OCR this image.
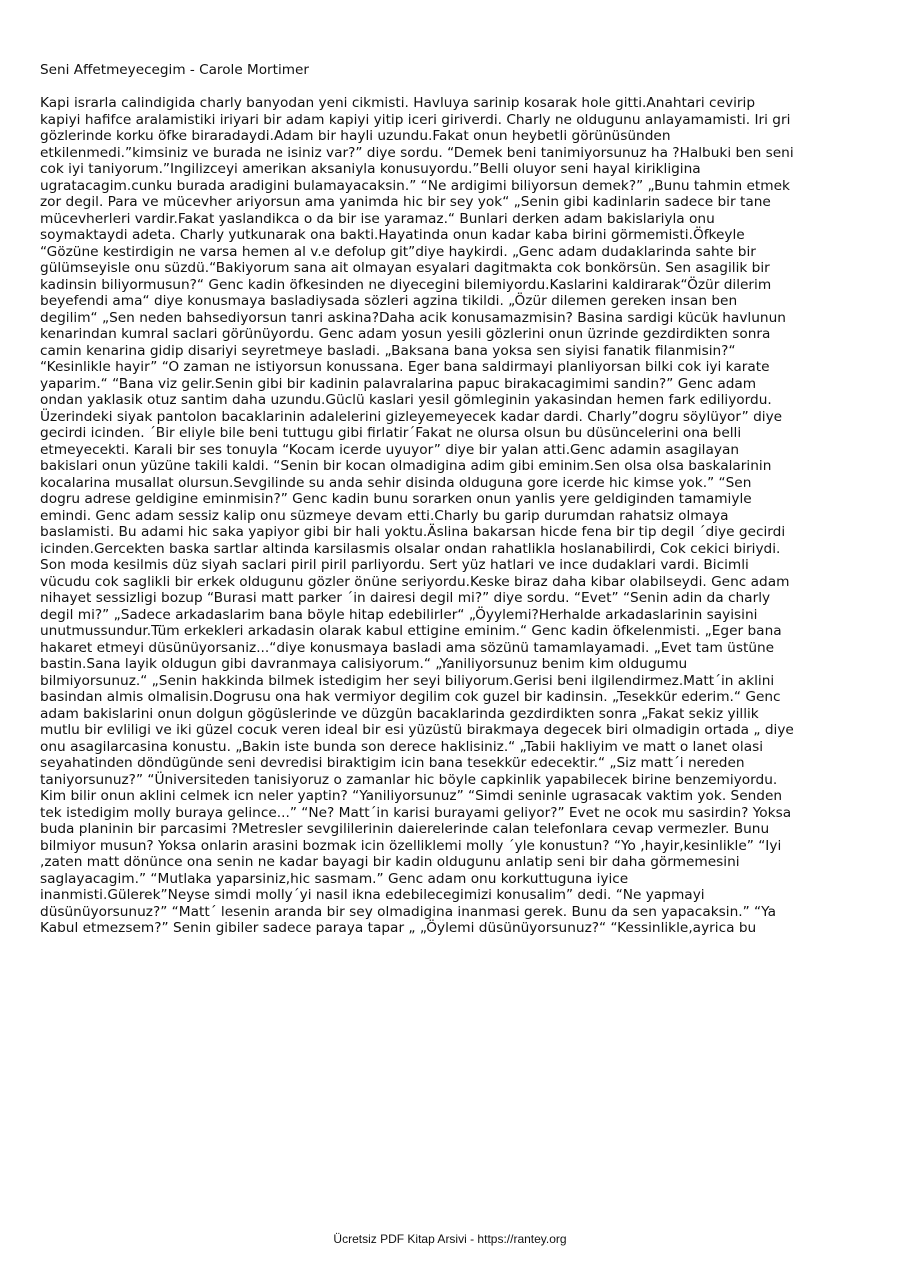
Seni Affetmeyecegim - Carole Mortimer

Kapi israrla calindigida charly banyodan yeni cikmisti. Havluya sarinip kosarak hole gitti.Anahtari cevirip
kapiyi hafifce aralamistiki iriyari bir adam kapiyi yitip iceri giriverdi. Charly ne oldugunu anlayamamisti. Iri gri
gözlerinde korku öfke biraradaydi.Adam bir hayli uzundu.Fakat onun heybetli görünüsünden
etkilenmedi.”kimsiniz ve burada ne isiniz var?” diye sordu. “Demek beni tanimiyorsunuz ha ?Halbuki ben seni
cok iyi taniyorum.”Ingilizceyi amerikan aksaniyla konusuyordu.”Belli oluyor seni hayal kirikligina
ugratacagim.cunku burada aradigini bulamayacaksin.” “Ne ardigimi biliyorsun demek?” „Bunu tahmin etmek
zor degil. Para ve mücevher ariyorsun ama yanimda hic bir sey yok“ „Senin gibi kadinlarin sadece bir tane
mücevherleri vardir.Fakat yaslandikca o da bir ise yaramaz.“ Bunlari derken adam bakislariyla onu
soymaktaydi adeta. Charly yutkunarak ona bakti.Hayatinda onun kadar kaba birini görmemisti.Öfkeyle
“Gözüne kestirdigin ne varsa hemen al v.e defolup git”diye haykirdi. „Genc adam dudaklarinda sahte bir
gülümseyisle onu süzdü.“Bakiyorum sana ait olmayan esyalari dagitmakta cok bonkörsün. Sen asagilik bir
kadinsin biliyormusun?“ Genc kadin öfkesinden ne diyecegini bilemiyordu.Kaslarini kaldirarak“Özür dilerim
beyefendi ama“ diye konusmaya basladiysada sözleri agzina tikildi. „Özür dilemen gereken insan ben
degilim“ „Sen neden bahsediyorsun tanri askina?Daha acik konusamazmisin? Basina sardigi kücük havlunun
kenarindan kumral saclari görünüyordu. Genc adam yosun yesili gözlerini onun üzrinde gezdirdikten sonra
camin kenarina gidip disariyi seyretmeye basladi. „Baksana bana yoksa sen siyisi fanatik filanmisin?“
“Kesinlikle hayir” “O zaman ne istiyorsun konussana. Eger bana saldirmayi planliyorsan bilki cok iyi karate
yaparim.“ “Bana viz gelir.Senin gibi bir kadinin palavralarina papuc birakacagimimi sandin?” Genc adam
ondan yaklasik otuz santim daha uzundu.Güclü kaslari yesil gömleginin yakasindan hemen fark ediliyordu.
Üzerindeki siyak pantolon bacaklarinin adalelerini gizleyemeyecek kadar dardi. Charly”dogru söylüyor” diye
gecirdi icinden. ´Bir eliyle bile beni tuttugu gibi firlatir´Fakat ne olursa olsun bu düsüncelerini ona belli
etmeyecekti. Karali bir ses tonuyla “Kocam icerde uyuyor” diye bir yalan atti.Genc adamin asagilayan
bakislari onun yüzüne takili kaldi. “Senin bir kocan olmadigina adim gibi eminim.Sen olsa olsa baskalarinin
kocalarina musallat olursun.Sevgilinde su anda sehir disinda olduguna gore icerde hic kimse yok.” “Sen
dogru adrese geldigine eminmisin?” Genc kadin bunu sorarken onun yanlis yere geldiginden tamamiyle
emindi. Genc adam sessiz kalip onu süzmeye devam etti.Charly bu garip durumdan rahatsiz olmaya
baslamisti. Bu adami hic saka yapiyor gibi bir hali yoktu.Äslina bakarsan hicde fena bir tip degil ´diye gecirdi
icinden.Gercekten baska sartlar altinda karsilasmis olsalar ondan rahatlikla hoslanabilirdi, Cok cekici biriydi.
Son moda kesilmis düz siyah saclari piril piril parliyordu. Sert yüz hatlari ve ince dudaklari vardi. Bicimli
vücudu cok saglikli bir erkek oldugunu gözler önüne seriyordu.Keske biraz daha kibar olabilseydi. Genc adam
nihayet sessizligi bozup “Burasi matt parker ´in dairesi degil mi?” diye sordu. “Evet” “Senin adin da charly
degil mi?” „Sadece arkadaslarim bana böyle hitap edebilirler“ „Öyylemi?Herhalde arkadaslarinin sayisini
unutmussundur.Tüm erkekleri arkadasin olarak kabul ettigine eminim.“ Genc kadin öfkelenmisti. „Eger bana
hakaret etmeyi düsünüyorsaniz...“diye konusmaya basladi ama sözünü tamamlayamadi. „Evet tam üstüne
bastin.Sana layik oldugun gibi davranmaya calisiyorum.“ „Yaniliyorsunuz benim kim oldugumu
bilmiyorsunuz.“ „Senin hakkinda bilmek istedigim her seyi biliyorum.Gerisi beni ilgilendirmez.Matt´in aklini
basindan almis olmalisin.Dogrusu ona hak vermiyor degilim cok guzel bir kadinsin. „Tesekkür ederim.“ Genc
adam bakislarini onun dolgun gögüslerinde ve düzgün bacaklarinda gezdirdikten sonra „Fakat sekiz yillik
mutlu bir evliligi ve iki güzel cocuk veren ideal bir esi yüzüstü birakmaya degecek biri olmadigin ortada „ diye
onu asagilarcasina konustu. „Bakin iste bunda son derece haklisiniz.“ „Tabii hakliyim ve matt o lanet olasi
seyahatinden döndügünde seni devredisi biraktigim icin bana tesekkür edecektir.“ „Siz matt´i nereden
taniyorsunuz?” “Üniversiteden tanisiyoruz o zamanlar hic böyle capkinlik yapabilecek birine benzemiyordu.
Kim bilir onun aklini celmek icn neler yaptin? “Yaniliyorsunuz” “Simdi seninle ugrasacak vaktim yok. Senden
tek istedigim molly buraya gelince...” “Ne? Matt´in karisi burayami geliyor?” Evet ne ocok mu sasirdin? Yoksa
buda planinin bir parcasimi ?Metresler sevgililerinin daierelerinde calan telefonlara cevap vermezler. Bunu
bilmiyor musun? Yoksa onlarin arasini bozmak icin özelliklemi molly ´yle konustun? “Yo ,hayir,kesinlikle” “Iyi
,zaten matt dönünce ona senin ne kadar bayagi bir kadin oldugunu anlatip seni bir daha görmemesini
saglayacagim.” “Mutlaka yaparsiniz,hic sasmam.” Genc adam onu korkuttuguna iyice
inanmisti.Gülerek”Neyse simdi molly´yi nasil ikna edebilecegimizi konusalim” dedi. “Ne yapmayi
düsünüyorsunuz?” “Matt´ lesenin aranda bir sey olmadigina inanmasi gerek. Bunu da sen yapacaksin.” “Ya
Kabul etmezsem?” Senin gibiler sadece paraya tapar „ „Öylemi düsünüyorsunuz?“ “Kessinlikle,ayrica bu

Ücretsiz PDF Kitap Arsivi - https://rantey.org
